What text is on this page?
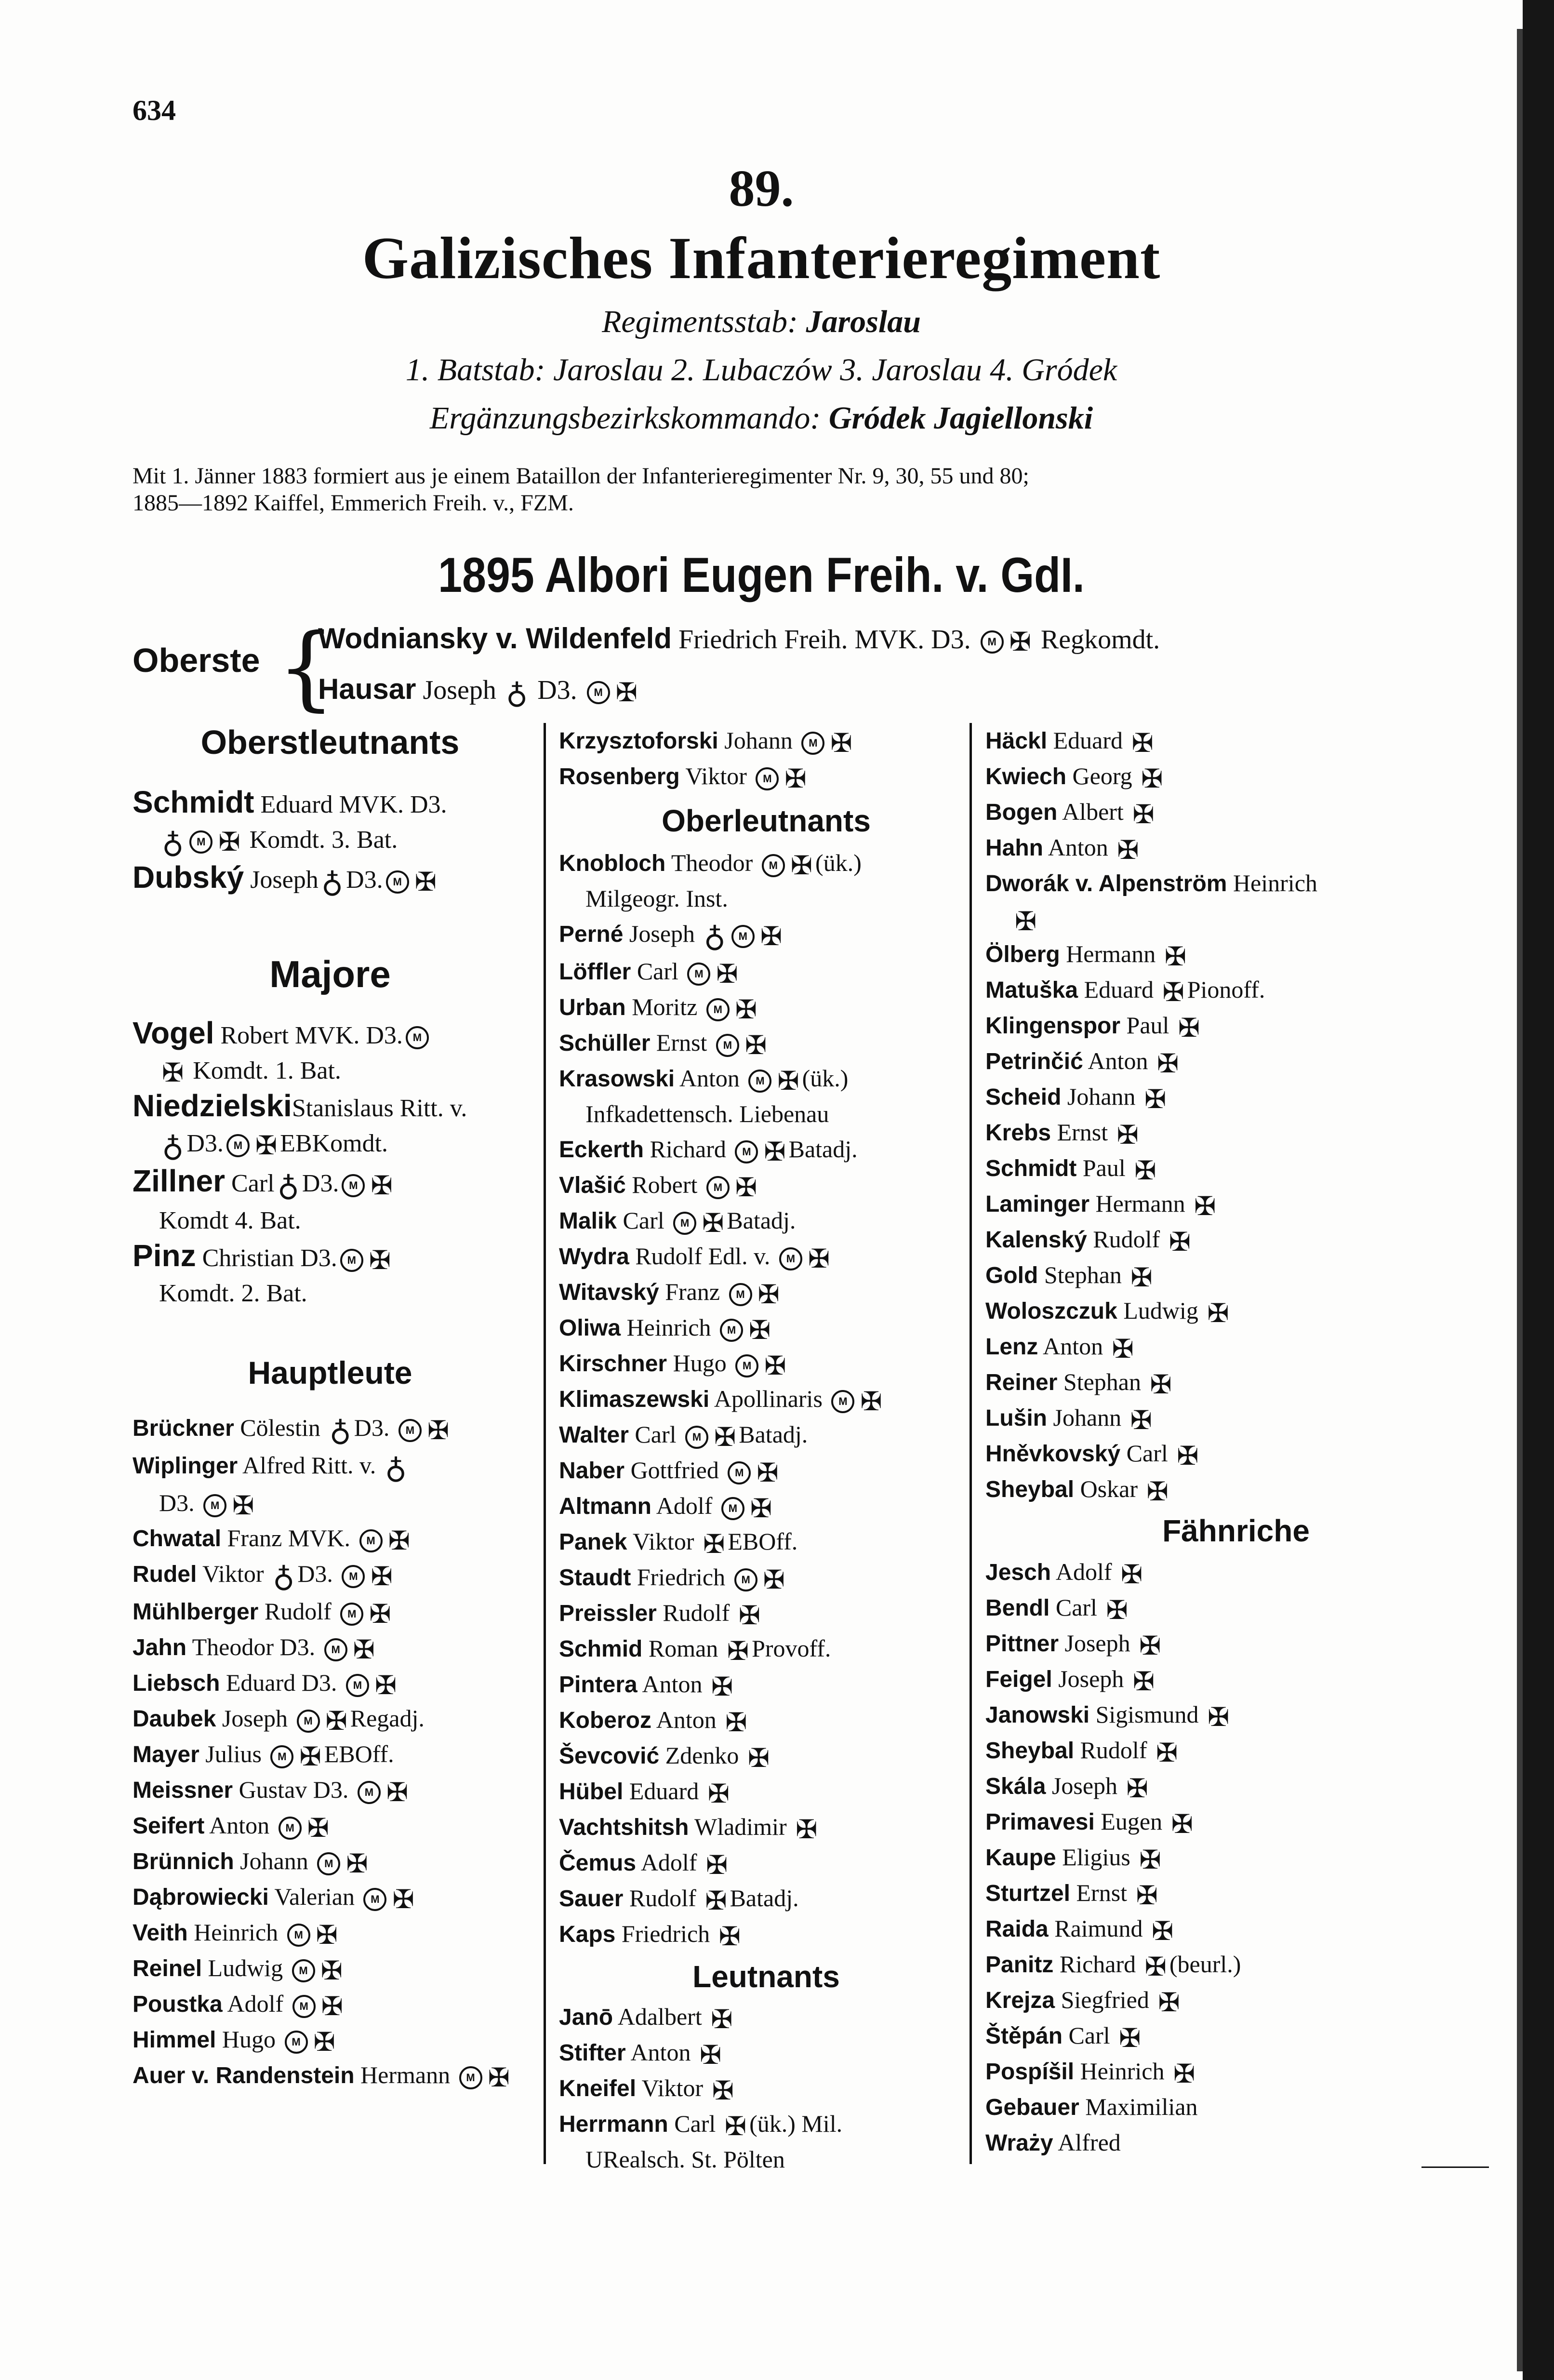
634
89.
Galizisches Infanterieregiment
Regimentsstab: Jaroslau
1. Batstab: Jaroslau 2. Lubaczów 3. Jaroslau 4. Gródek
Ergänzungsbezirkskommando: Gródek Jagiellonski
Mit 1. Jänner 1883 formiert aus je einem Bataillon der Infanterieregimenter Nr. 9, 30, 55 und 80;
1885—1892 Kaiffel, Emmerich Freih. v., FZM.
1895 Albori Eugen Freih. v. GdI.
Oberste {
Wodniansky v. Wildenfeld Friedrich Freih. MVK. D3. M ✠ Regkomdt.
Hausar Joseph ♁ D3. M ✠
Oberstleutnants
Schmidt Eduard MVK. D3.
♁ M ✠ Komdt. 3. Bat.
Dubský Joseph♁ D3. M ✠
Majore
Vogel Robert MVK. D3. M
✠ Komdt. 1. Bat.
NiedzielskiStanislaus Ritt. v.
♁ D3. M ✠ EBKomdt.
Zillner Carl♁ D3. M ✠
Komdt 4. Bat.
Pinz Christian D3. M ✠
Komdt. 2. Bat.
Hauptleute
Brückner Cölestin ♁ D3. M ✠
Wiplinger Alfred Ritt. v. ♁
D3. M ✠
Chwatal Franz MVK. M ✠
Rudel Viktor ♁ D3. M ✠
Mühlberger Rudolf M ✠
Jahn Theodor D3. M ✠
Liebsch Eduard D3. M ✠
Daubek Joseph M ✠ Regadj.
Mayer Julius M ✠ EBOff.
Meissner Gustav D3. M ✠
Seifert Anton M ✠
Brünnich Johann M ✠
Dąbrowiecki Valerian M ✠
Veith Heinrich M ✠
Reinel Ludwig M ✠
Poustka Adolf M ✠
Himmel Hugo M ✠
Auer v. Randenstein Hermann M ✠
Krzysztoforski Johann M ✠
Rosenberg Viktor M ✠
Oberleutnants
Knobloch Theodor M ✠ (ük.)
Milgeogr. Inst.
Perné Joseph ♁ M ✠
Löffler Carl M ✠
Urban Moritz M ✠
Schüller Ernst M ✠
Krasowski Anton M ✠ (ük.)
Infkadettensch. Liebenau
Eckerth Richard M ✠ Batadj.
Vlašić Robert M ✠
Malik Carl M ✠ Batadj.
Wydra Rudolf Edl. v. M ✠
Witavský Franz M ✠
Oliwa Heinrich M ✠
Kirschner Hugo M ✠
Klimaszewski Apollinaris M ✠
Walter Carl M ✠ Batadj.
Naber Gottfried M ✠
Altmann Adolf M ✠
Panek Viktor ✠ EBOff.
Staudt Friedrich M ✠
Preissler Rudolf ✠
Schmid Roman ✠ Provoff.
Pintera Anton ✠
Koberoz Anton ✠
Ševcović Zdenko ✠
Hübel Eduard ✠
Vachtshitsh Wladimir ✠
Čemus Adolf ✠
Sauer Rudolf ✠ Batadj.
Kaps Friedrich ✠
Leutnants
Janō Adalbert ✠
Stifter Anton ✠
Kneifel Viktor ✠
Herrmann Carl ✠ (ük.) Mil.
URealsch. St. Pölten
Häckl Eduard ✠
Kwiech Georg ✠
Bogen Albert ✠
Hahn Anton ✠
Dworák v. Alpenström Heinrich
✠
Ölberg Hermann ✠
Matuška Eduard ✠ Pionoff.
Klingenspor Paul ✠
Petrinčić Anton ✠
Scheid Johann ✠
Krebs Ernst ✠
Schmidt Paul ✠
Laminger Hermann ✠
Kalenský Rudolf ✠
Gold Stephan ✠
Woloszczuk Ludwig ✠
Lenz Anton ✠
Reiner Stephan ✠
Lušin Johann ✠
Hněvkovský Carl ✠
Sheybal Oskar ✠
Fähnriche
Jesch Adolf ✠
Bendl Carl ✠
Pittner Joseph ✠
Feigel Joseph ✠
Janowski Sigismund ✠
Sheybal Rudolf ✠
Skála Joseph ✠
Primavesi Eugen ✠
Kaupe Eligius ✠
Sturtzel Ernst ✠
Raida Raimund ✠
Panitz Richard ✠ (beurl.)
Krejza Siegfried ✠
Štěpán Carl ✠
Pospíšil Heinrich ✠
Gebauer Maximilian
Wraży Alfred
